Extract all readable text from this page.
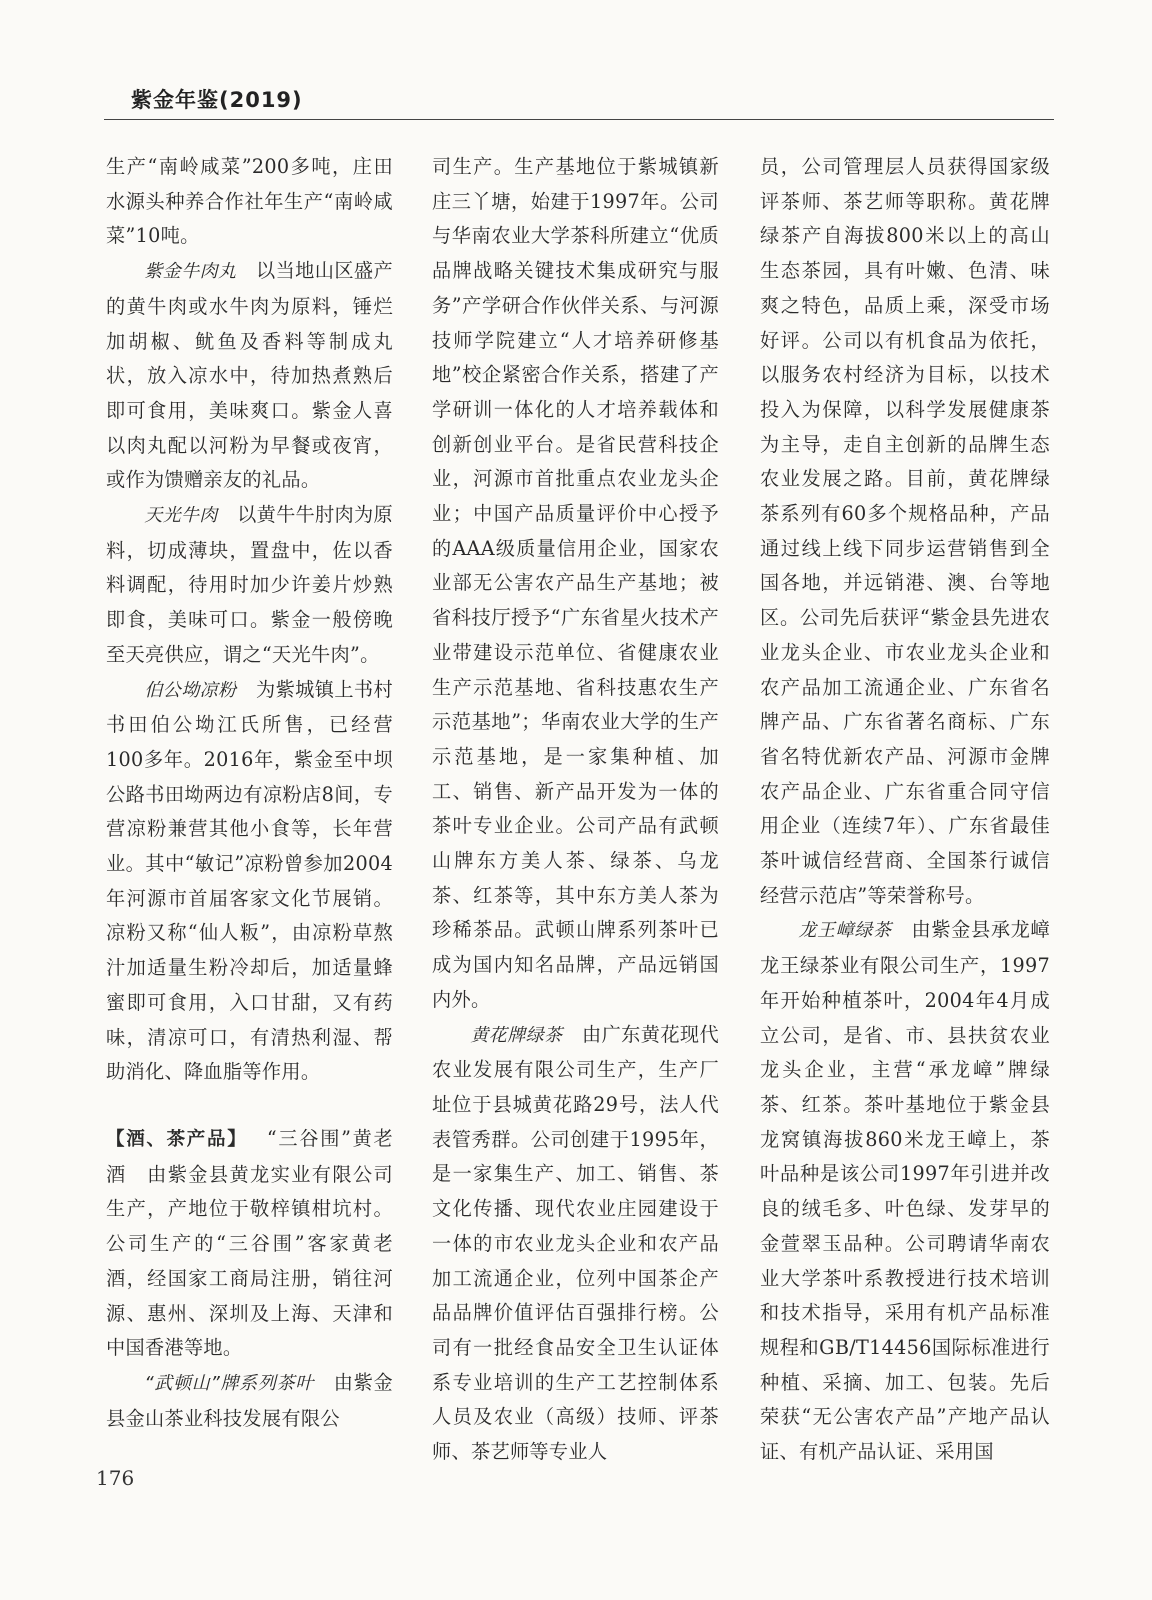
紫金年鉴(2019)

生产“南岭咸菜”200多吨，庄田水源头种养合作社年生产“南岭咸菜”10吨。

紫金牛肉丸  以当地山区盛产的黄牛肉或水牛肉为原料，锤烂加胡椒、鱿鱼及香料等制成丸状，放入凉水中，待加热煮熟后即可食用，美味爽口。紫金人喜以肉丸配以河粉为早餐或夜宵，或作为馈赠亲友的礼品。

天光牛肉  以黄牛牛肘肉为原料，切成薄块，置盘中，佐以香料调配，待用时加少许姜片炒熟即食，美味可口。紫金一般傍晚至天亮供应，谓之“天光牛肉”。

伯公坳凉粉  为紫城镇上书村书田伯公坳江氏所售，已经营100多年。2016年，紫金至中坝公路书田坳两边有凉粉店8间，专营凉粉兼营其他小食等，长年营业。其中“敏记”凉粉曾参加2004年河源市首届客家文化节展销。凉粉又称“仙人粄”，由凉粉草熬汁加适量生粉冷却后，加适量蜂蜜即可食用，入口甘甜，又有药味，清凉可口，有清热利湿、帮助消化、降血脂等作用。

【酒、茶产品】  “三谷围”黄老酒　由紫金县黄龙实业有限公司生产，产地位于敬梓镇柑坑村。公司生产的“三谷围”客家黄老酒，经国家工商局注册，销往河源、惠州、深圳及上海、天津和中国香港等地。

“武顿山”牌系列茶叶  由紫金县金山茶业科技发展有限公

司生产。生产基地位于紫城镇新庄三丫塘，始建于1997年。公司与华南农业大学茶科所建立“优质品牌战略关键技术集成研究与服务”产学研合作伙伴关系、与河源技师学院建立“人才培养研修基地”校企紧密合作关系，搭建了产学研训一体化的人才培养载体和创新创业平台。是省民营科技企业，河源市首批重点农业龙头企业；中国产品质量评价中心授予的AAA级质量信用企业，国家农业部无公害农产品生产基地；被省科技厅授予“广东省星火技术产业带建设示范单位、省健康农业生产示范基地、省科技惠农生产示范基地”；华南农业大学的生产示范基地，是一家集种植、加工、销售、新产品开发为一体的茶叶专业企业。公司产品有武顿山牌东方美人茶、绿茶、乌龙茶、红茶等，其中东方美人茶为珍稀茶品。武顿山牌系列茶叶已成为国内知名品牌，产品远销国内外。

黄花牌绿茶  由广东黄花现代农业发展有限公司生产，生产厂址位于县城黄花路29号，法人代表管秀群。公司创建于1995年，是一家集生产、加工、销售、茶文化传播、现代农业庄园建设于一体的市农业龙头企业和农产品加工流通企业，位列中国茶企产品品牌价值评估百强排行榜。公司有一批经食品安全卫生认证体系专业培训的生产工艺控制体系人员及农业（高级）技师、评茶师、茶艺师等专业人

员，公司管理层人员获得国家级评茶师、茶艺师等职称。黄花牌绿茶产自海拔800米以上的高山生态茶园，具有叶嫩、色清、味爽之特色，品质上乘，深受市场好评。公司以有机食品为依托，以服务农村经济为目标，以技术投入为保障，以科学发展健康茶为主导，走自主创新的品牌生态农业发展之路。目前，黄花牌绿茶系列有60多个规格品种，产品通过线上线下同步运营销售到全国各地，并远销港、澳、台等地区。公司先后获评“紫金县先进农业龙头企业、市农业龙头企业和农产品加工流通企业、广东省名牌产品、广东省著名商标、广东省名特优新农产品、河源市金牌农产品企业、广东省重合同守信用企业（连续7年）、广东省最佳茶叶诚信经营商、全国茶行诚信经营示范店”等荣誉称号。

龙王嶂绿茶  由紫金县承龙嶂龙王绿茶业有限公司生产，1997年开始种植茶叶，2004年4月成立公司，是省、市、县扶贫农业龙头企业，主营“承龙嶂”牌绿茶、红茶。茶叶基地位于紫金县龙窝镇海拔860米龙王嶂上，茶叶品种是该公司1997年引进并改良的绒毛多、叶色绿、发芽早的金萱翠玉品种。公司聘请华南农业大学茶叶系教授进行技术培训和技术指导，采用有机产品标准规程和GB/T14456国际标准进行种植、采摘、加工、包装。先后荣获“无公害农产品”产地产品认证、有机产品认证、采用国

176
